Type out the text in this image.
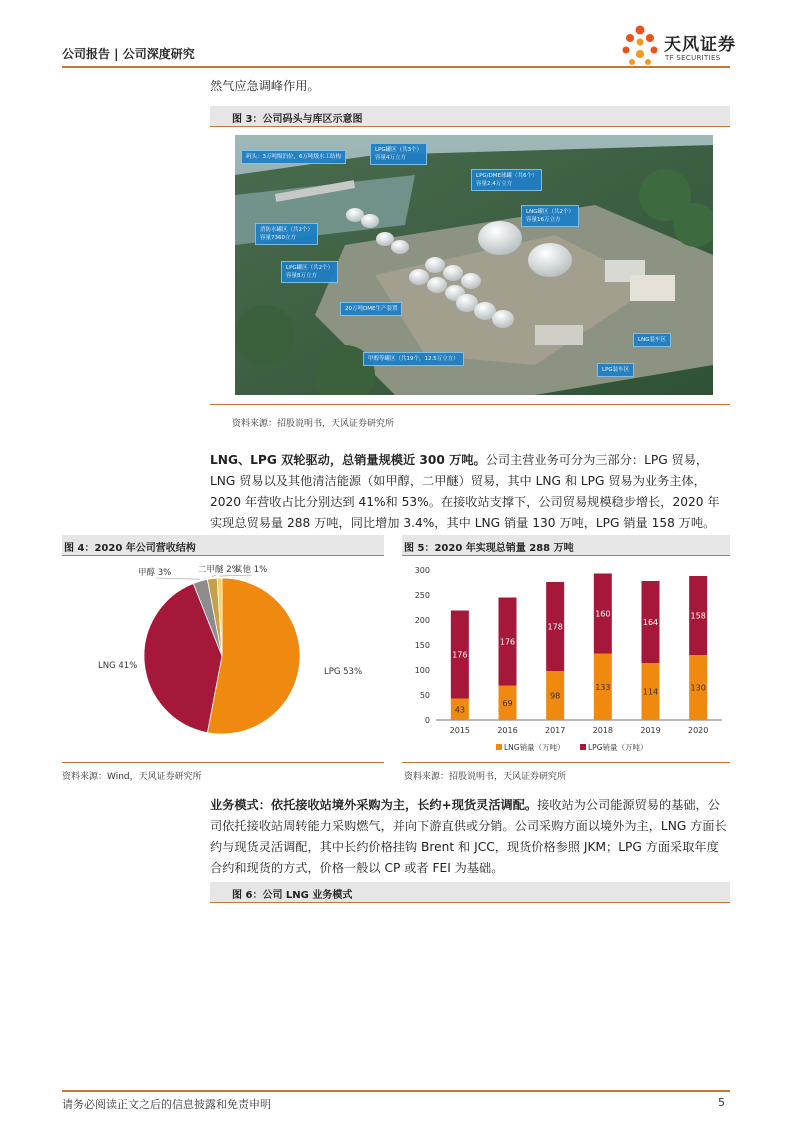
公司报告 | 公司深度研究	天风证券
TF SECURITIES
然气应急调峰作用。
图 3：公司码头与库区示意图
码头：3万吨级泊位，6万吨级水工结构
LPG罐区（共3个）
容量4万立方
LPG/DME球罐（共6个）
容量2.4万立方
LNG罐区（共2个）
容量16万立方
消防水罐区（共2个）
容量7360立方
LPG罐区（共2个）
容量8万立方
20万吨DME生产装置
甲醇等罐区（共19个，12.5万立方）
LNG装车区
LPG装车区
资料来源：招股说明书，天风证券研究所
LNG、LPG 双轮驱动，总销量规模近 300 万吨。公司主营业务可分为三部分：LPG 贸易，LNG 贸易以及其他清洁能源（如甲醇，二甲醚）贸易，其中 LNG 和 LPG 贸易为业务主体，2020 年营收占比分别达到 41%和 53%。在接收站支撑下，公司贸易规模稳步增长，2020 年实现总贸易量 288 万吨，同比增加 3.4%，其中 LNG 销量 130 万吨，LPG 销量 158 万吨。
图 4：2020 年公司营收结构
LPG 53%
LNG 41%
甲醇 3%	二甲醚 2%
其他 1%
资料来源：Wind，天风证券研究所
图 5：2020 年实现总销量 288 万吨
0
50
100
150
200
250
300
43
176
2015
69
176
2016
98
178
2017
133
160
2018
114
164
2019
130
158
2020
LNG销量（万吨）	LPG销量（万吨）
资料来源：招股说明书，天风证券研究所
业务模式：依托接收站境外采购为主，长约+现货灵活调配。接收站为公司能源贸易的基础，公司依托接收站周转能力采购燃气，并向下游直供或分销。公司采购方面以境外为主，LNG 方面长约与现货灵活调配，其中长约价格挂钩 Brent 和 JCC，现货价格参照 JKM；LPG 方面采取年度合约和现货的方式，价格一般以 CP 或者 FEI 为基础。
图 6：公司 LNG 业务模式
请务必阅读正文之后的信息披露和免责申明	5
